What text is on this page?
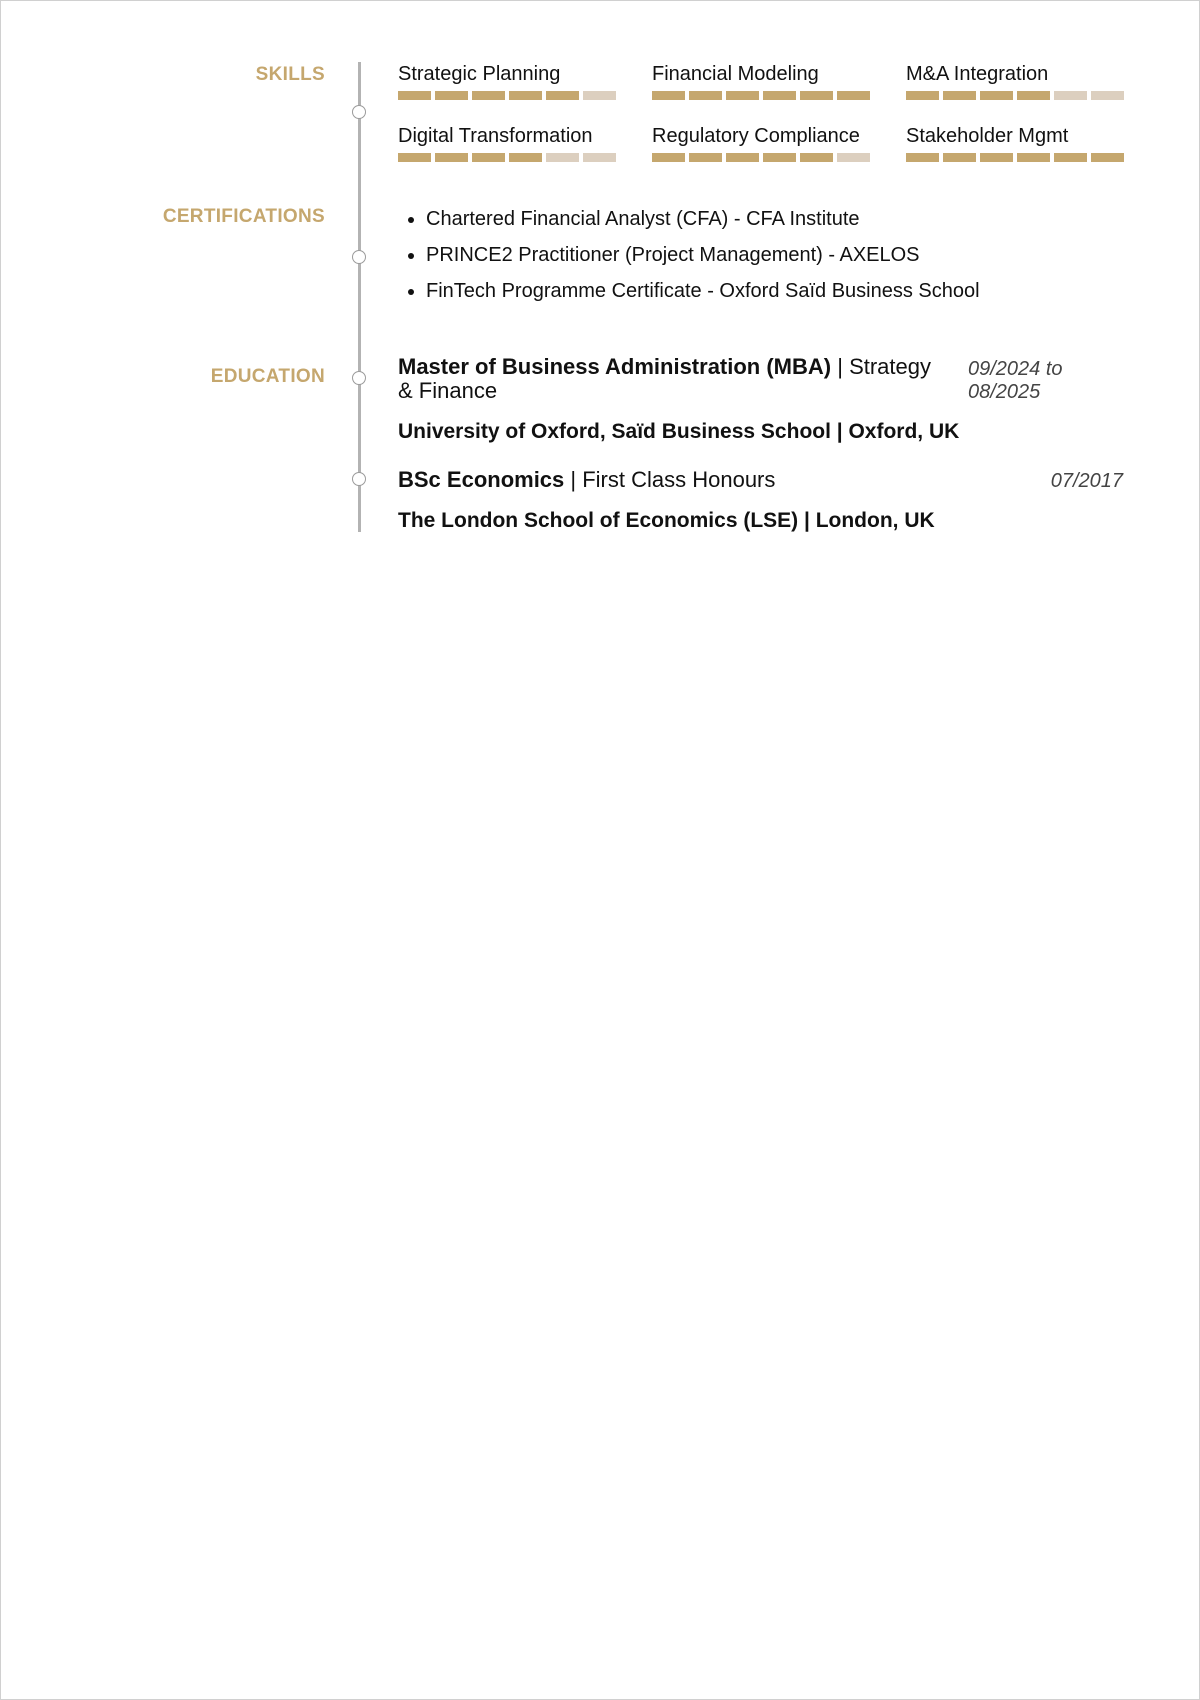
SKILLS	Strategic Planning	Financial Modeling	M&A Integration
Digital Transformation	Regulatory Compliance	Stakeholder Mgmt
CERTIFICATIONS
•	Chartered Financial Analyst (CFA) - CFA Institute
• PRINCE2 Practitioner (Project Management) - AXELOS
• FinTech Programme Certificate - Oxford Saïd Business School
EDUCATION	Master of Business Administration (MBA) | Strategy & Finance
09/2024 to 08/2025
University of Oxford, Saïd Business School | Oxford, UK
BSc Economics | First Class Honours	07/2017
The London School of Economics (LSE) | London, UK
